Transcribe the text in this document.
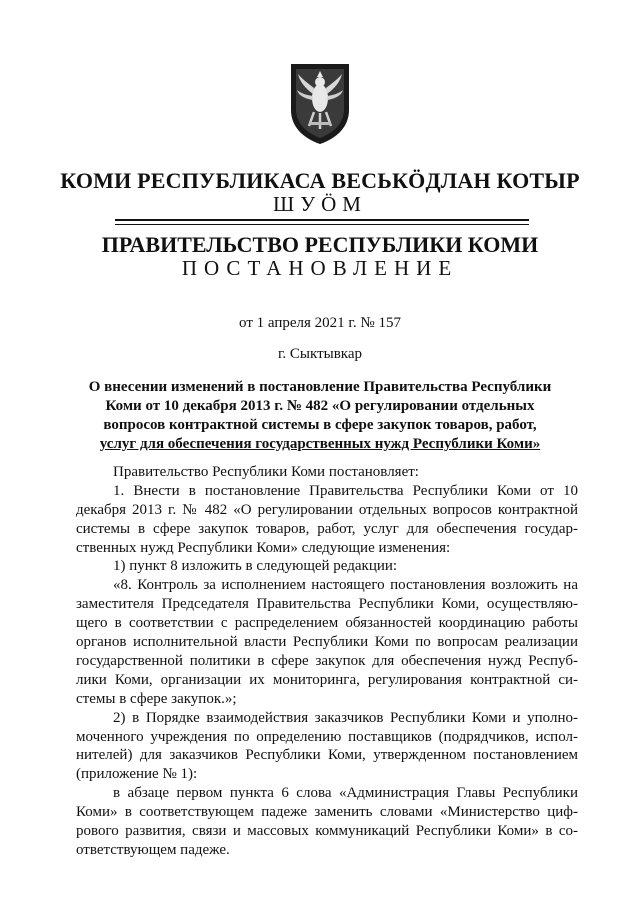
КОМИ РЕСПУБЛИКАСА ВЕСЬКӦДЛАН КОТЫР
ШУӦМ
ПРАВИТЕЛЬСТВО РЕСПУБЛИКИ КОМИ
ПОСТАНОВЛЕНИЕ
от 1 апреля 2021 г. № 157
г. Сыктывкар
О внесении изменений в постановление Правительства Республики
Коми от 10 декабря 2013 г. № 482 «О регулировании отдельных
вопросов контрактной системы в сфере закупок товаров, работ,
услуг для обеспечения государственных нужд Республики Коми»
Правительство Республики Коми постановляет:
1. Внести в постановление Правительства Республики Коми от 10
декабря 2013 г. № 482 «О регулировании отдельных вопросов контрактной
системы в сфере закупок товаров, работ, услуг для обеспечения государ-
ственных нужд Республики Коми» следующие изменения:
1) пункт 8 изложить в следующей редакции:
«8. Контроль за исполнением настоящего постановления возложить на
заместителя Председателя Правительства Республики Коми, осуществляю-
щего в соответствии с распределением обязанностей координацию работы
органов исполнительной власти Республики Коми по вопросам реализации
государственной политики в сфере закупок для обеспечения нужд Респуб-
лики Коми, организации их мониторинга, регулирования контрактной си-
стемы в сфере закупок.»;
2) в Порядке взаимодействия заказчиков Республики Коми и уполно-
моченного учреждения по определению поставщиков (подрядчиков, испол-
нителей) для заказчиков Республики Коми, утвержденном постановлением
(приложение № 1):
в абзаце первом пункта 6 слова «Администрация Главы Республики
Коми» в соответствующем падеже заменить словами «Министерство циф-
рового развития, связи и массовых коммуникаций Республики Коми» в со-
ответствующем падеже.
